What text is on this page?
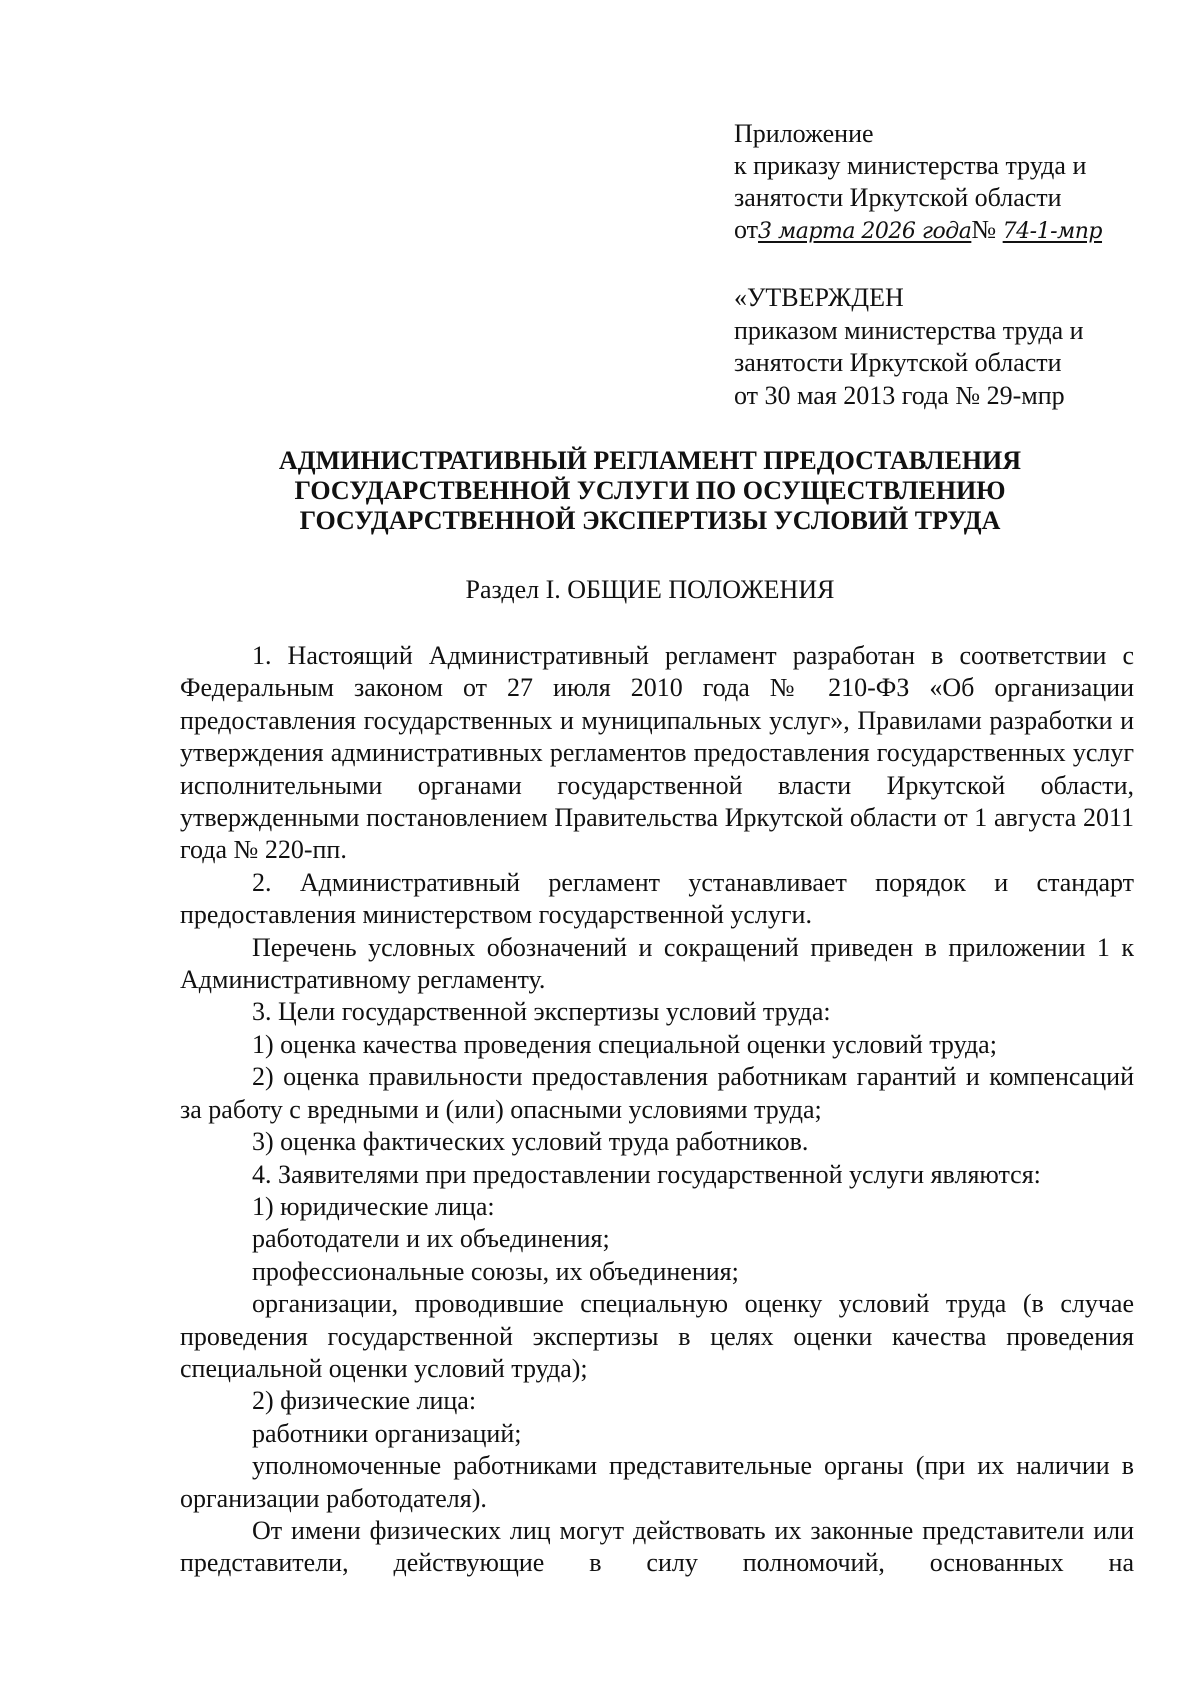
Приложение
к приказу министерства труда и
занятости Иркутской области
от3 марта 2026 года№ 74-1-мпр
«УТВЕРЖДЕН
приказом министерства труда и
занятости Иркутской области
от 30 мая 2013 года № 29-мпр
АДМИНИСТРАТИВНЫЙ РЕГЛАМЕНТ ПРЕДОСТАВЛЕНИЯ
ГОСУДАРСТВЕННОЙ УСЛУГИ ПО ОСУЩЕСТВЛЕНИЮ
ГОСУДАРСТВЕННОЙ ЭКСПЕРТИЗЫ УСЛОВИЙ ТРУДА
Раздел I. ОБЩИЕ ПОЛОЖЕНИЯ

1. Настоящий Административный регламент разработан в соответствии с Федеральным законом от 27 июля 2010 года № 210-ФЗ «Об организации предоставления государственных и муниципальных услуг», Правилами разработки и утверждения административных регламентов предоставления государственных услуг исполнительными органами государственной власти Иркутской области, утвержденными постановлением Правительства Иркутской области от 1 августа 2011 года № 220-пп.

2. Административный регламент устанавливает порядок и стандарт предоставления министерством государственной услуги.

Перечень условных обозначений и сокращений приведен в приложении 1 к Административному регламенту.

3. Цели государственной экспертизы условий труда:

1) оценка качества проведения специальной оценки условий труда;

2) оценка правильности предоставления работникам гарантий и компенсаций за работу с вредными и (или) опасными условиями труда;

3) оценка фактических условий труда работников.

4. Заявителями при предоставлении государственной услуги являются:

1) юридические лица:

работодатели и их объединения;

профессиональные союзы, их объединения;

организации, проводившие специальную оценку условий труда (в случае проведения государственной экспертизы в целях оценки качества проведения специальной оценки условий труда);

2) физические лица:

работники организаций;

уполномоченные работниками представительные органы (при их наличии в организации работодателя).

От имени физических лиц могут действовать их законные представители или представители, действующие в силу полномочий, основанных на
